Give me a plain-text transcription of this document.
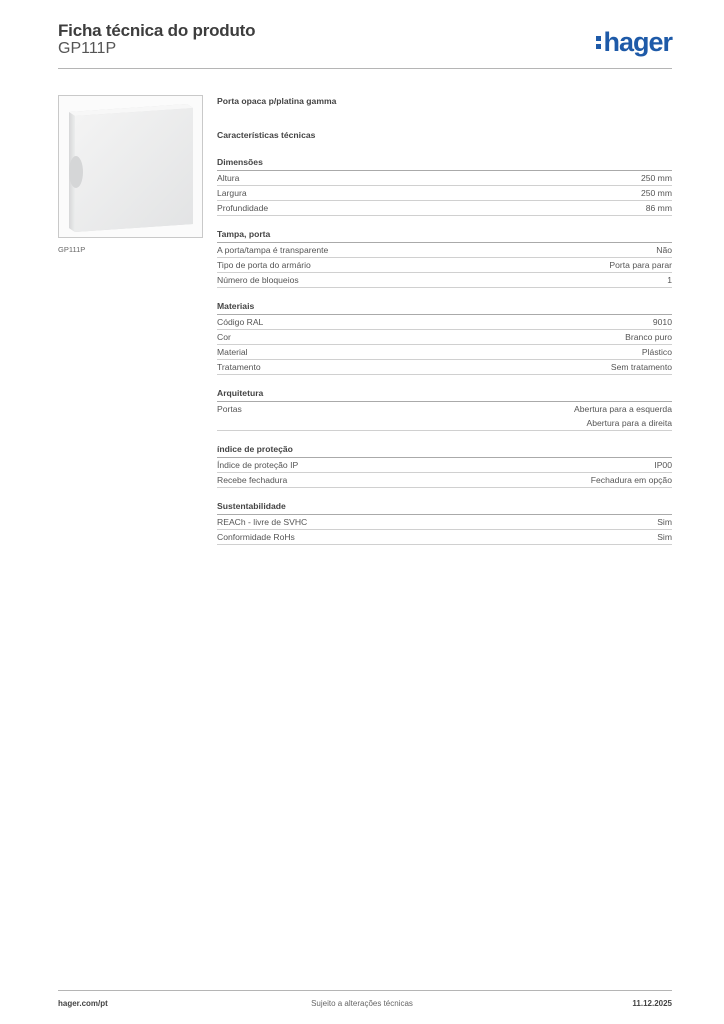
Ficha técnica do produto
GP111P	hager
GP111P
Porta opaca p/platina gamma
Características técnicas
Dimensões
Altura	250 mm
Largura	250 mm
Profundidade	86 mm
Tampa, porta
A porta/tampa é transparente	Não
Tipo de porta do armário	Porta para parar
Número de bloqueios	1
Materiais
Código RAL	9010
Cor	Branco puro
Material	Plástico
Tratamento	Sem tratamento
Arquitetura
Portas	Abertura para a esquerda
Abertura para a direita
índice de proteção
Índice de proteção IP	IP00
Recebe fechadura	Fechadura em opção
Sustentabilidade
REACh - livre de SVHC	Sim
Conformidade RoHs	Sim
hager.com/pt	Sujeito a alterações técnicas	11.12.2025
